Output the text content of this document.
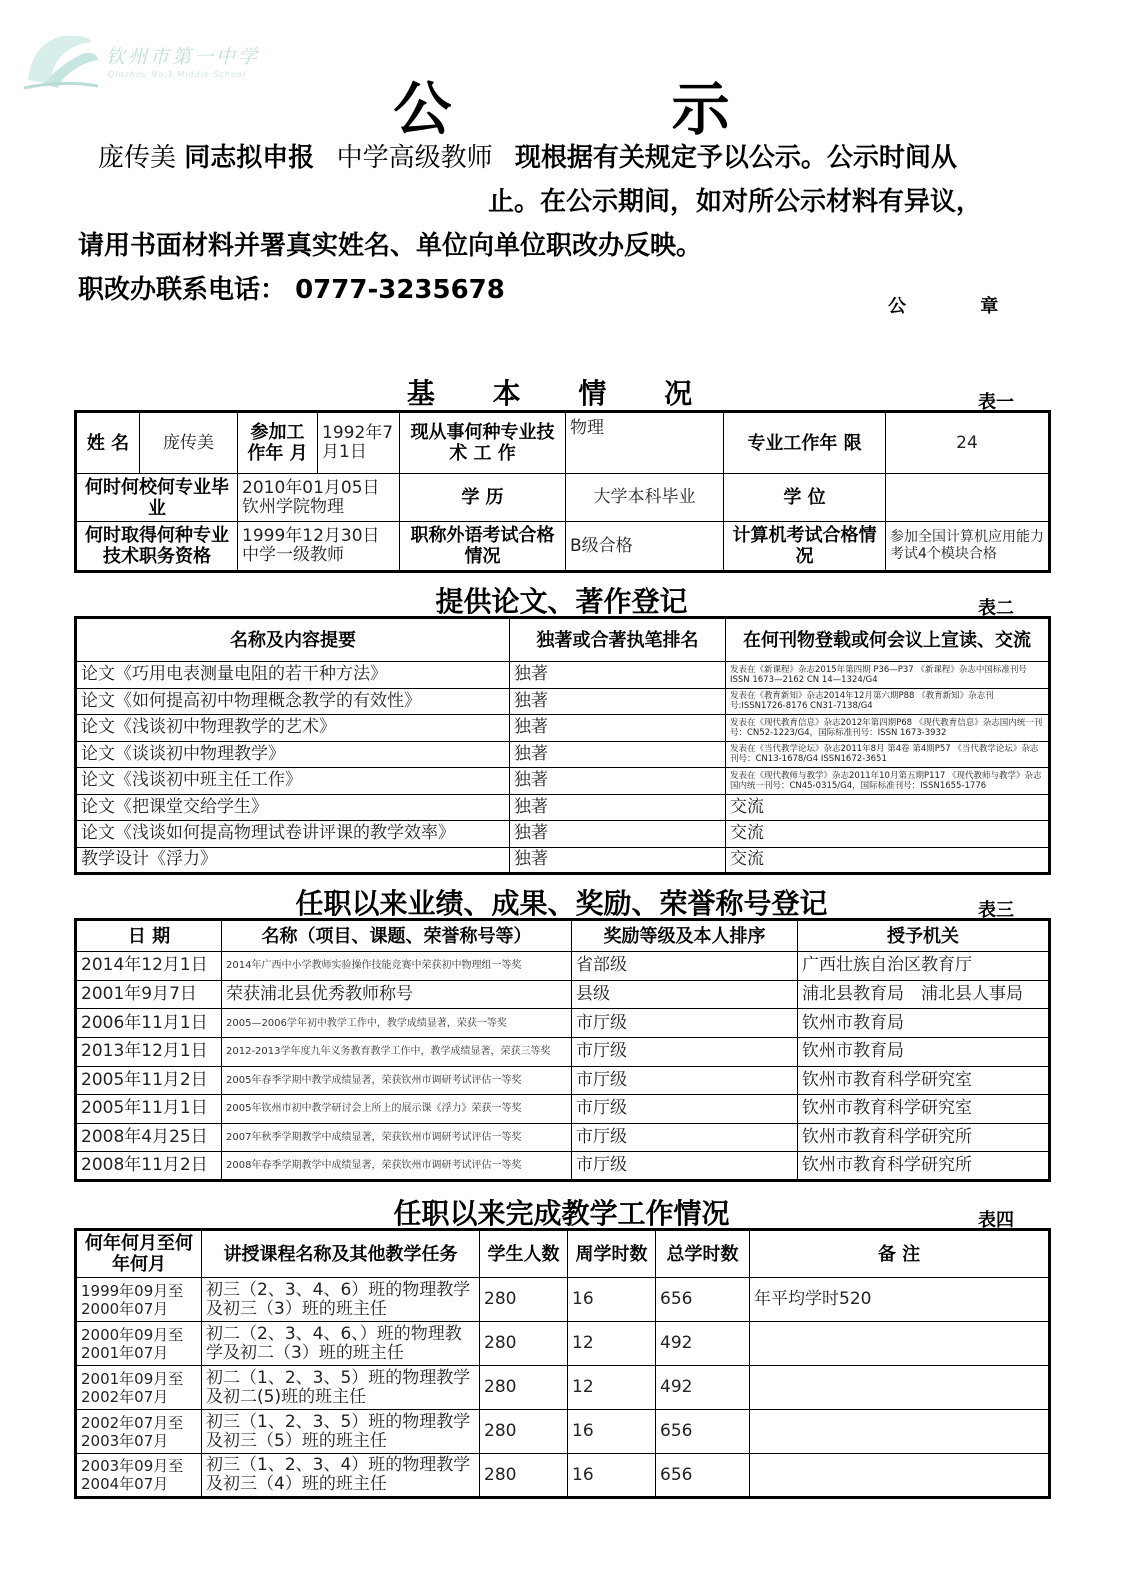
钦州市第一中学
Qinzhou No.1 Middle School
公 示
庞传美 同志拟申报 中学高级教师 现根据有关规定予以公示。公示时间从
止。在公示期间，如对所公示材料有异议，
请用书面材料并署真实姓名、单位向单位职改办反映。
职改办联系电话： 0777-3235678
公 章
基 本 情 况	表一
姓 名	庞传美	参加工作年 月	1992年7月1日	现从事何种专业技 术 工 作	物理	专业工作年 限	24
何时何校何专业毕 业		2010年01月05日钦州学院物理		学 历	大学本科毕业	学 位	
何时取得何种专业技术职务资格		1999年12月30日中学一级教师		职称外语考试合格情况	B级合格	计算机考试合格情况	参加全国计算机应用能力考试4个模块合格
提供论文、著作登记	表二
名称及内容提要	独著或合著执笔排名	在何刊物登载或何会议上宣读、交流
论文《巧用电表测量电阻的若干种方法》	独著	发表在《新课程》杂志2015年第四期 P36—P37 《新课程》杂志中国标准刊号ISSN 1673—2162 CN 14—1324/G4
论文《如何提高初中物理概念教学的有效性》	独著	发表在《教育新知》杂志2014年12月第六期P88 《教育新知》杂志刊号:ISSN1726-8176 CN31-7138/G4
论文《浅谈初中物理教学的艺术》	独著	发表在《现代教育信息》杂志2012年第四期P68 《现代教育信息》杂志国内统一刊号：CN52-1223/G4，国际标准刊号：ISSN 1673-3932
论文《谈谈初中物理教学》	独著	发表在《当代教学论坛》杂志2011年8月 第4卷 第4期P57 《当代教学论坛》杂志 刊号：CN13-1678/G4 ISSN1672-3651
论文《浅谈初中班主任工作》	独著	发表在《现代教师与教学》杂志2011年10月第五期P117 《现代教师与教学》杂志 国内统一刊号：CN45-0315/G4，国际标准刊号：ISSN1655-1776
论文《把课堂交给学生》	独著	交流
论文《浅谈如何提高物理试卷讲评课的教学效率》	独著	交流
教学设计《浮力》	独著	交流
任职以来业绩、成果、奖励、荣誉称号登记	表三
日 期	名称（项目、课题、荣誉称号等）	奖励等级及本人排序	授予机关
2014年12月1日	2014年广西中小学教师实验操作技能竞赛中荣获初中物理组一等奖	省部级	广西壮族自治区教育厅
2001年9月7日	荣获浦北县优秀教师称号	县级	浦北县教育局　浦北县人事局
2006年11月1日	2005—2006学年初中教学工作中，教学成绩显著，荣获一等奖	市厅级	钦州市教育局
2013年12月1日	2012-2013学年度九年义务教育教学工作中，教学成绩显著，荣获三等奖	市厅级	钦州市教育局
2005年11月2日	2005年春季学期中教学成绩显著，荣获钦州市调研考试评估一等奖	市厅级	钦州市教育科学研究室
2005年11月1日	2005年钦州市初中教学研讨会上所上的展示课《浮力》荣获一等奖	市厅级	钦州市教育科学研究室
2008年4月25日	2007年秋季学期教学中成绩显著，荣获钦州市调研考试评估一等奖	市厅级	钦州市教育科学研究所
2008年11月2日	2008年春季学期教学中成绩显著，荣获钦州市调研考试评估一等奖	市厅级	钦州市教育科学研究所
任职以来完成教学工作情况	表四
何年何月至何年何月	讲授课程名称及其他教学任务	学生人数	周学时数	总学时数	备 注
1999年09月至2000年07月	初三（2、3、4、6）班的物理教学及初三（3）班的班主任	280	16	656	年平均学时520
2000年09月至2001年07月	初二（2、3、4、6、）班的物理教学及初二（3）班的班主任	280	12	492	
2001年09月至2002年07月	初二（1、2、3、5）班的物理教学及初二(5)班的班主任	280	12	492	
2002年07月至2003年07月	初三（1、2、3、5）班的物理教学及初三（5）班的班主任	280	16	656	
2003年09月至2004年07月	初三（1、2、3、4）班的物理教学及初三（4）班的班主任	280	16	656	
